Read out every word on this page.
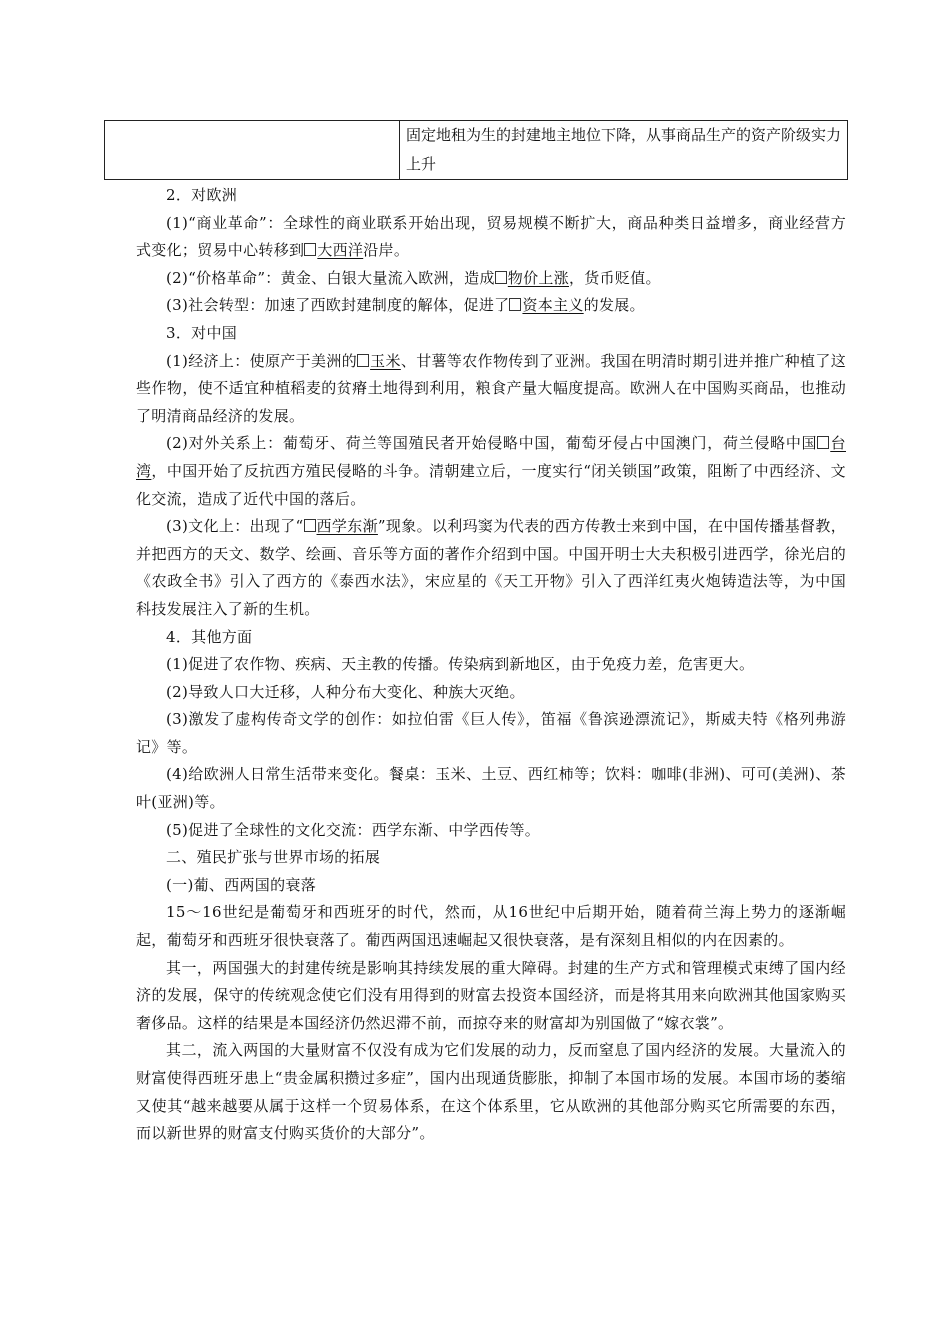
	固定地租为生的封建地主地位下降，从事商品生产的资产阶级实力上升

2．对欧洲

(1)“商业革命”：全球性的商业联系开始出现，贸易规模不断扩大，商品种类日益增多，商业经营方式变化；贸易中心转移到 大西洋沿岸。

(2)“价格革命”：黄金、白银大量流入欧洲，造成 物价上涨，货币贬值。

(3)社会转型：加速了西欧封建制度的解体，促进了 资本主义的发展。

3．对中国

(1)经济上：使原产于美洲的 玉米、甘薯等农作物传到了亚洲。我国在明清时期引进并推广种植了这些作物，使不适宜种植稻麦的贫瘠土地得到利用，粮食产量大幅度提高。欧洲人在中国购买商品，也推动了明清商品经济的发展。

(2)对外关系上：葡萄牙、荷兰等国殖民者开始侵略中国，葡萄牙侵占中国澳门，荷兰侵略中国 台湾，中国开始了反抗西方殖民侵略的斗争。清朝建立后，一度实行“闭关锁国”政策，阻断了中西经济、文化交流，造成了近代中国的落后。

(3)文化上：出现了“ 西学东渐”现象。以利玛窦为代表的西方传教士来到中国，在中国传播基督教，并把西方的天文、数学、绘画、音乐等方面的著作介绍到中国。中国开明士大夫积极引进西学，徐光启的《农政全书》引入了西方的《泰西水法》，宋应星的《天工开物》引入了西洋红夷火炮铸造法等，为中国科技发展注入了新的生机。

4．其他方面

(1)促进了农作物、疾病、天主教的传播。传染病到新地区，由于免疫力差，危害更大。

(2)导致人口大迁移，人种分布大变化、种族大灭绝。

(3)激发了虚构传奇文学的创作：如拉伯雷《巨人传》，笛福《鲁滨逊漂流记》，斯威夫特《格列弗游记》等。

(4)给欧洲人日常生活带来变化。餐桌：玉米、土豆、西红柿等；饮料：咖啡(非洲)、可可(美洲)、茶叶(亚洲)等。

(5)促进了全球性的文化交流：西学东渐、中学西传等。

二、殖民扩张与世界市场的拓展

(一)葡、西两国的衰落

15～16世纪是葡萄牙和西班牙的时代，然而，从16世纪中后期开始，随着荷兰海上势力的逐渐崛起，葡萄牙和西班牙很快衰落了。葡西两国迅速崛起又很快衰落，是有深刻且相似的内在因素的。

其一，两国强大的封建传统是影响其持续发展的重大障碍。封建的生产方式和管理模式束缚了国内经济的发展，保守的传统观念使它们没有用得到的财富去投资本国经济，而是将其用来向欧洲其他国家购买奢侈品。这样的结果是本国经济仍然迟滞不前，而掠夺来的财富却为别国做了“嫁衣裳”。

其二，流入两国的大量财富不仅没有成为它们发展的动力，反而窒息了国内经济的发展。大量流入的财富使得西班牙患上“贵金属积攒过多症”，国内出现通货膨胀，抑制了本国市场的发展。本国市场的萎缩又使其“越来越要从属于这样一个贸易体系，在这个体系里，它从欧洲的其他部分购买它所需要的东西，而以新世界的财富支付购买货价的大部分”。
